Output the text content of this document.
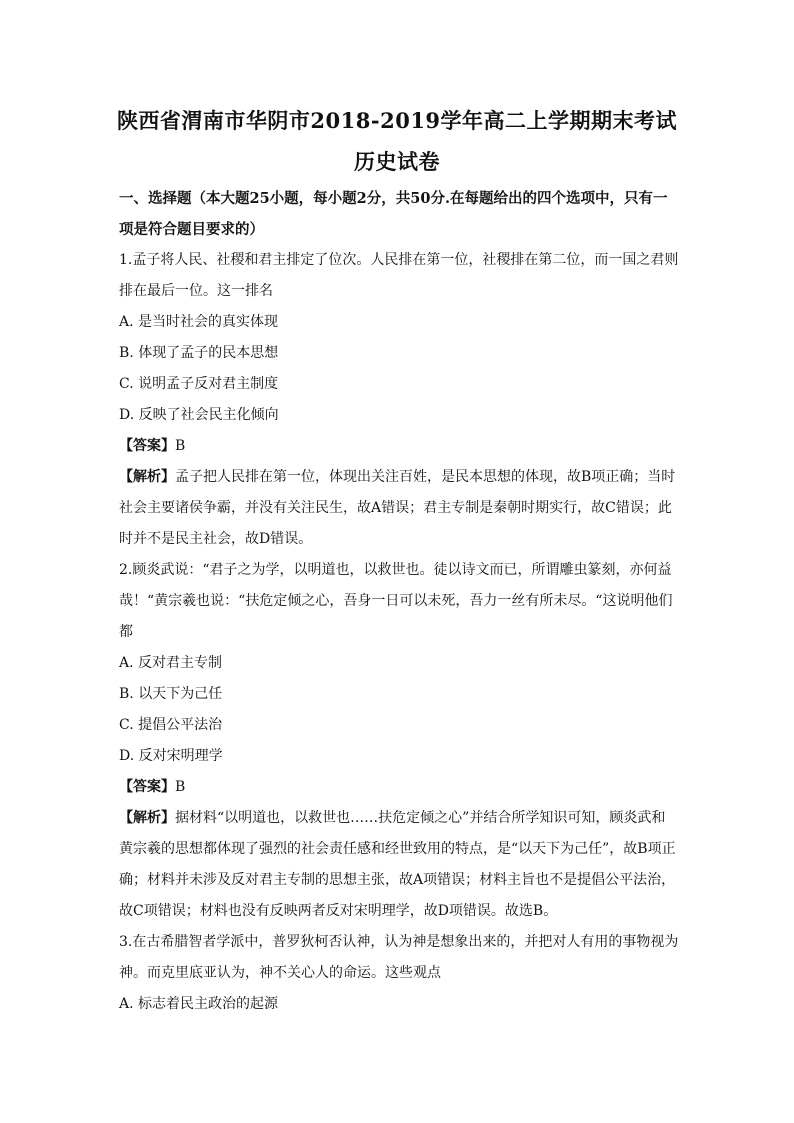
陕西省渭南市华阴市2018-2019学年高二上学期期末考试
历史试卷

一、选择题（本大题25小题，每小题2分，共50分.在每题给出的四个选项中，只有一项是符合题目要求的）

1.孟子将人民、社稷和君主排定了位次。人民排在第一位，社稷排在第二位，而一国之君则排在最后一位。这一排名

A. 是当时社会的真实体现

B. 体现了孟子的民本思想

C. 说明孟子反对君主制度

D. 反映了社会民主化倾向

【答案】B

【解析】孟子把人民排在第一位，体现出关注百姓，是民本思想的体现，故B项正确；当时社会主要诸侯争霸，并没有关注民生，故A错误；君主专制是秦朝时期实行，故C错误；此时并不是民主社会，故D错误。

2.顾炎武说：“君子之为学，以明道也，以救世也。徒以诗文而已，所谓雕虫篆刻，亦何益哉！“黄宗羲也说：“扶危定倾之心，吾身一日可以未死，吾力一丝有所未尽。“这说明他们都

A. 反对君主专制

B. 以天下为己任

C. 提倡公平法治

D. 反对宋明理学

【答案】B

【解析】据材料“以明道也，以救世也……扶危定倾之心”并结合所学知识可知，顾炎武和黄宗羲的思想都体现了强烈的社会责任感和经世致用的特点，是“以天下为己任”，故B项正确；材料并未涉及反对君主专制的思想主张，故A项错误；材料主旨也不是提倡公平法治，故C项错误；材料也没有反映两者反对宋明理学，故D项错误。故选B。

3.在古希腊智者学派中，普罗狄柯否认神，认为神是想象出来的，并把对人有用的事物视为神。而克里底亚认为，神不关心人的命运。这些观点

A. 标志着民主政治的起源
